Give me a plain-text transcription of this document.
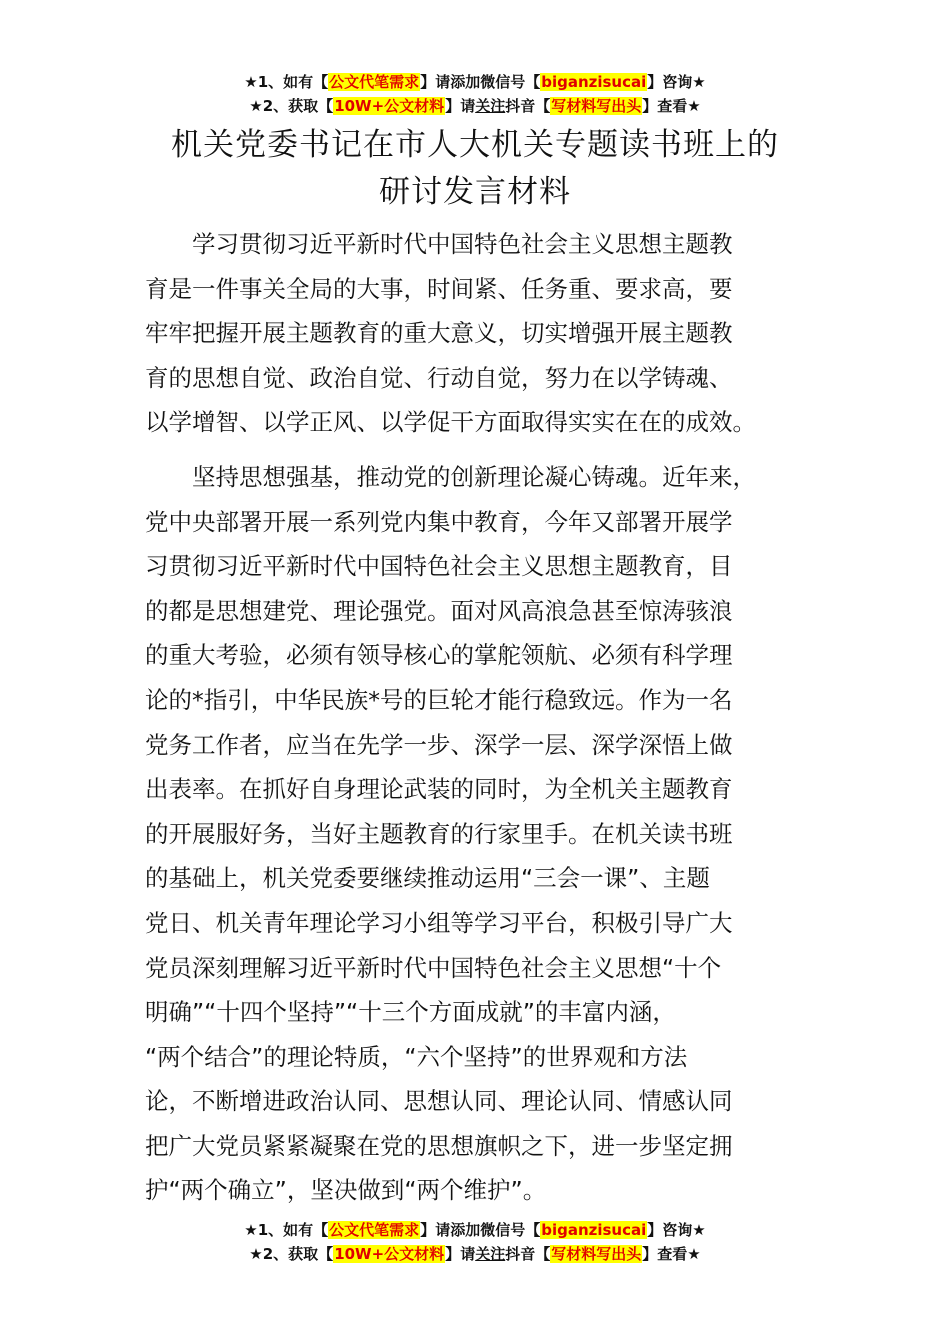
★1、如有【公文代笔需求】请添加微信号【biganzisucai】咨询★
★2、获取【10W+公文材料】请关注抖音【写材料写出头】查看★
机关党委书记在市人大机关专题读书班上的
研讨发言材料

学习贯彻习近平新时代中国特色社会主义思想主题教
育是一件事关全局的大事，时间紧、任务重、要求高，要
牢牢把握开展主题教育的重大意义，切实增强开展主题教
育的思想自觉、政治自觉、行动自觉，努力在以学铸魂、
以学增智、以学正风、以学促干方面取得实实在在的成效。

坚持思想强基，推动党的创新理论凝心铸魂。近年来，
党中央部署开展一系列党内集中教育，今年又部署开展学
习贯彻习近平新时代中国特色社会主义思想主题教育，目
的都是思想建党、理论强党。面对风高浪急甚至惊涛骇浪
的重大考验，必须有领导核心的掌舵领航、必须有科学理
论的*指引，中华民族*号的巨轮才能行稳致远。作为一名
党务工作者，应当在先学一步、深学一层、深学深悟上做
出表率。在抓好自身理论武装的同时，为全机关主题教育
的开展服好务，当好主题教育的行家里手。在机关读书班
的基础上，机关党委要继续推动运用“三会一课”、主题
党日、机关青年理论学习小组等学习平台，积极引导广大
党员深刻理解习近平新时代中国特色社会主义思想“十个
明确”“十四个坚持”“十三个方面成就”的丰富内涵，
“两个结合”的理论特质，“六个坚持”的世界观和方法
论，不断增进政治认同、思想认同、理论认同、情感认同
把广大党员紧紧凝聚在党的思想旗帜之下，进一步坚定拥
护“两个确立”，坚决做到“两个维护”。

★1、如有【公文代笔需求】请添加微信号【biganzisucai】咨询★
★2、获取【10W+公文材料】请关注抖音【写材料写出头】查看★
